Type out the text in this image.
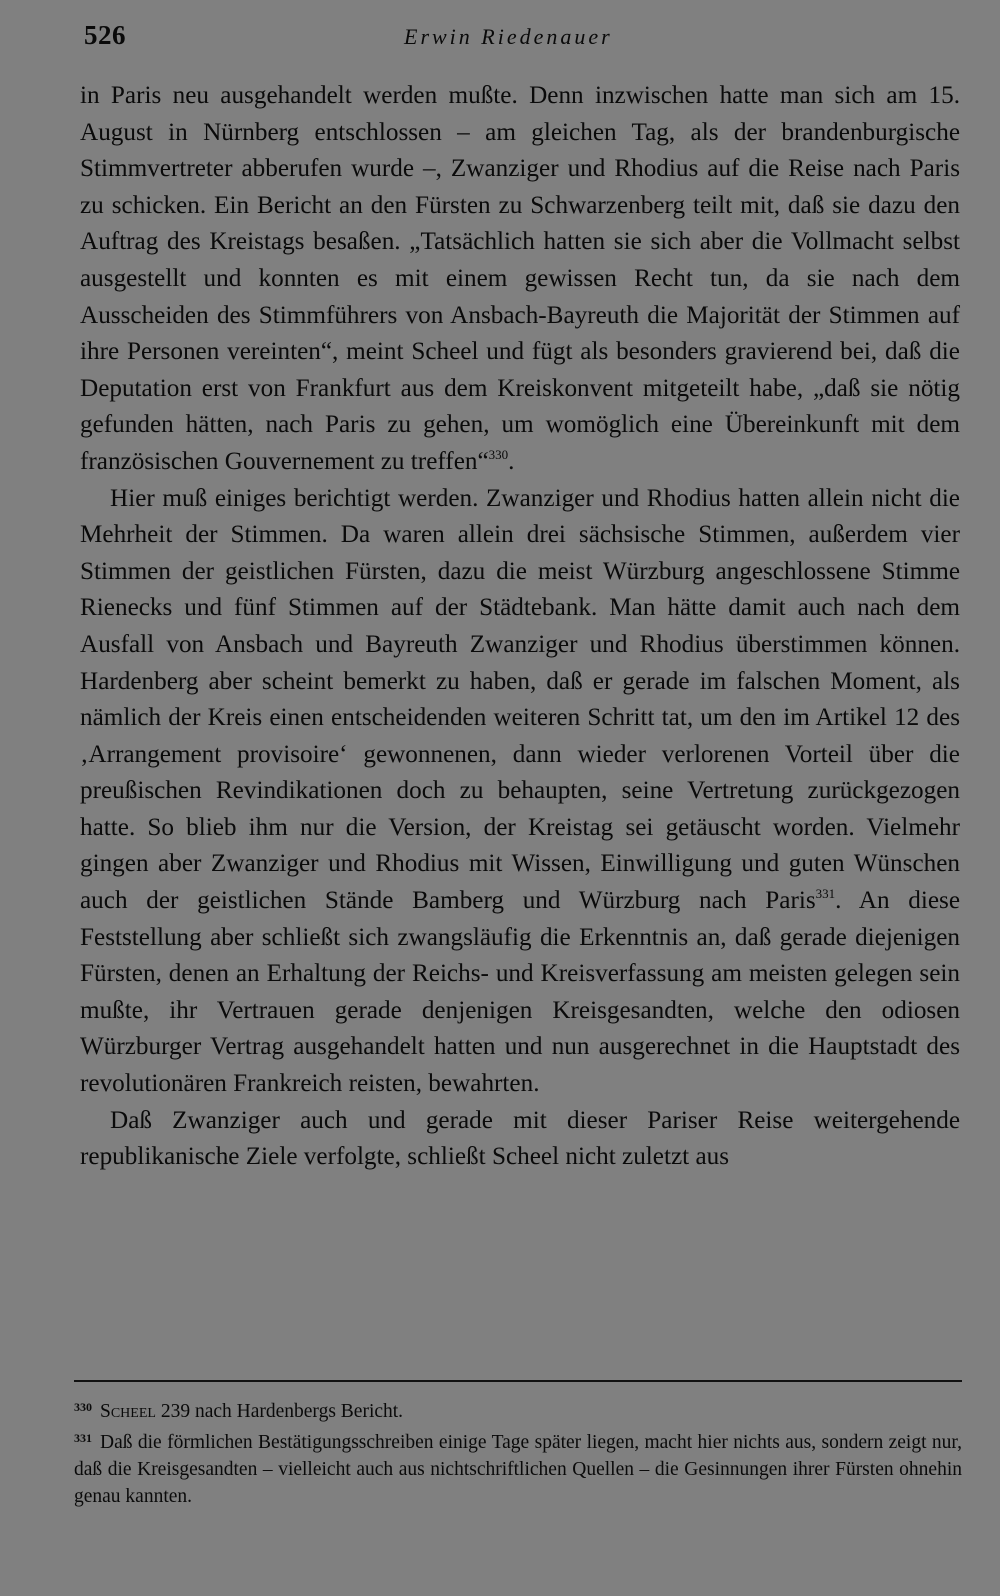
526	Erwin Riedenauer

in Paris neu ausgehandelt werden mußte. Denn inzwischen hatte man sich am 15. August in Nürnberg entschlossen – am gleichen Tag, als der brandenburgische Stimmvertreter abberufen wurde –, Zwanziger und Rhodius auf die Reise nach Paris zu schicken. Ein Bericht an den Fürsten zu Schwarzenberg teilt mit, daß sie dazu den Auftrag des Kreistags besaßen. „Tatsächlich hatten sie sich aber die Vollmacht selbst ausgestellt und konnten es mit einem gewissen Recht tun, da sie nach dem Ausscheiden des Stimmführers von Ansbach-Bayreuth die Majorität der Stimmen auf ihre Personen vereinten“, meint Scheel und fügt als besonders gravierend bei, daß die Deputation erst von Frankfurt aus dem Kreiskonvent mitgeteilt habe, „daß sie nötig gefunden hätten, nach Paris zu gehen, um womöglich eine Übereinkunft mit dem französischen Gouvernement zu treffen“$^{330}$.

Hier muß einiges berichtigt werden. Zwanziger und Rhodius hatten allein nicht die Mehrheit der Stimmen. Da waren allein drei sächsische Stimmen, außerdem vier Stimmen der geistlichen Fürsten, dazu die meist Würzburg angeschlossene Stimme Rienecks und fünf Stimmen auf der Städtebank. Man hätte damit auch nach dem Ausfall von Ansbach und Bayreuth Zwanziger und Rhodius überstimmen können. Hardenberg aber scheint bemerkt zu haben, daß er gerade im falschen Moment, als nämlich der Kreis einen entscheidenden weiteren Schritt tat, um den im Artikel 12 des ‚Arrangement provisoire‘ gewonnenen, dann wieder verlorenen Vorteil über die preußischen Revindikationen doch zu behaupten, seine Vertretung zurückgezogen hatte. So blieb ihm nur die Version, der Kreistag sei getäuscht worden. Vielmehr gingen aber Zwanziger und Rhodius mit Wissen, Einwilligung und guten Wünschen auch der geistlichen Stände Bamberg und Würzburg nach Paris$^{331}$. An diese Feststellung aber schließt sich zwangsläufig die Erkenntnis an, daß gerade diejenigen Fürsten, denen an Erhaltung der Reichs- und Kreisverfassung am meisten gelegen sein mußte, ihr Vertrauen gerade denjenigen Kreisgesandten, welche den odiosen Würzburger Vertrag ausgehandelt hatten und nun ausgerechnet in die Hauptstadt des revolutionären Frankreich reisten, bewahrten.

Daß Zwanziger auch und gerade mit dieser Pariser Reise weitergehende republikanische Ziele verfolgte, schließt Scheel nicht zuletzt aus

$^{330}$ Scheel 239 nach Hardenbergs Bericht.

$^{331}$ Daß die förmlichen Bestätigungsschreiben einige Tage später liegen, macht hier nichts aus, sondern zeigt nur, daß die Kreisgesandten – vielleicht auch aus nichtschriftlichen Quellen – die Gesinnungen ihrer Fürsten ohnehin genau kannten.
